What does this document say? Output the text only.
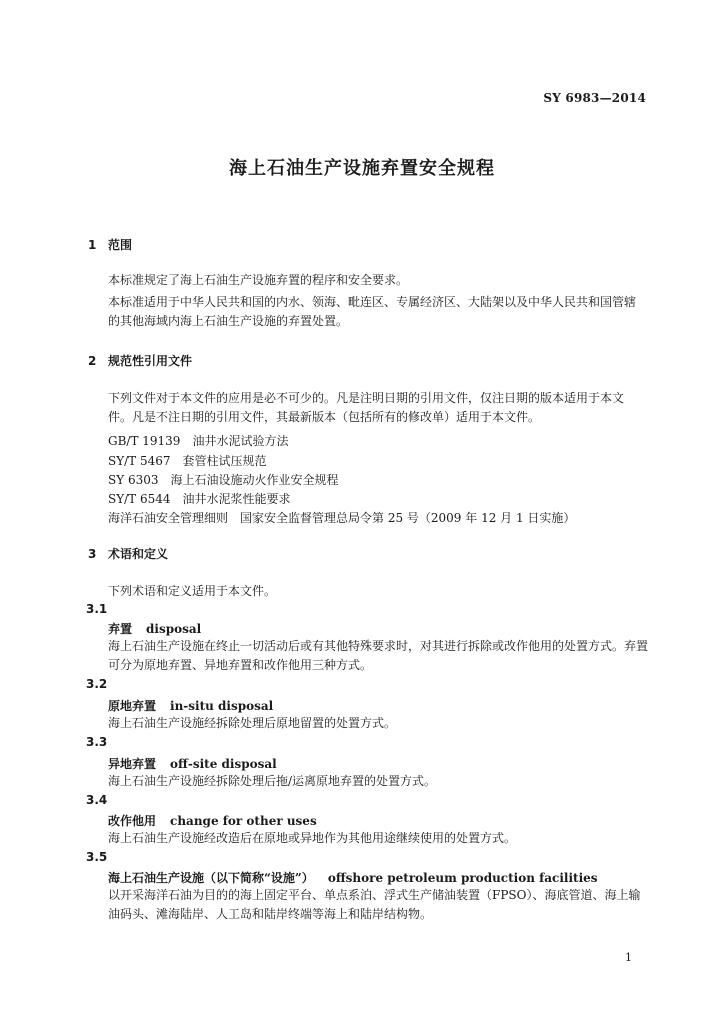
SY 6983—2014
海上石油生产设施弃置安全规程
1 范围
本标准规定了海上石油生产设施弃置的程序和安全要求。
本标准适用于中华人民共和国的内水、领海、毗连区、专属经济区、大陆架以及中华人民共和国管辖的其他海域内海上石油生产设施的弃置处置。
2 规范性引用文件
下列文件对于本文件的应用是必不可少的。凡是注明日期的引用文件，仅注日期的版本适用于本文件。凡是不注日期的引用文件，其最新版本（包括所有的修改单）适用于本文件。
GB/T 19139　油井水泥试验方法
SY/T 5467　套管柱试压规范
SY 6303　海上石油设施动火作业安全规程
SY/T 6544　油井水泥浆性能要求
海洋石油安全管理细则　国家安全监督管理总局令第 25 号（2009 年 12 月 1 日实施）
3 术语和定义
下列术语和定义适用于本文件。
3.1
弃置 disposal
海上石油生产设施在终止一切活动后或有其他特殊要求时，对其进行拆除或改作他用的处置方式。弃置可分为原地弃置、异地弃置和改作他用三种方式。
3.2
原地弃置 in-situ disposal
海上石油生产设施经拆除处理后原地留置的处置方式。
3.3
异地弃置 off-site disposal
海上石油生产设施经拆除处理后拖/运离原地弃置的处置方式。
3.4
改作他用 change for other uses
海上石油生产设施经改造后在原地或异地作为其他用途继续使用的处置方式。
3.5
海上石油生产设施（以下简称“设施”） offshore petroleum production facilities
以开采海洋石油为目的的海上固定平台、单点系泊、浮式生产储油装置（FPSO）、海底管道、海上输油码头、滩海陆岸、人工岛和陆岸终端等海上和陆岸结构物。
1
